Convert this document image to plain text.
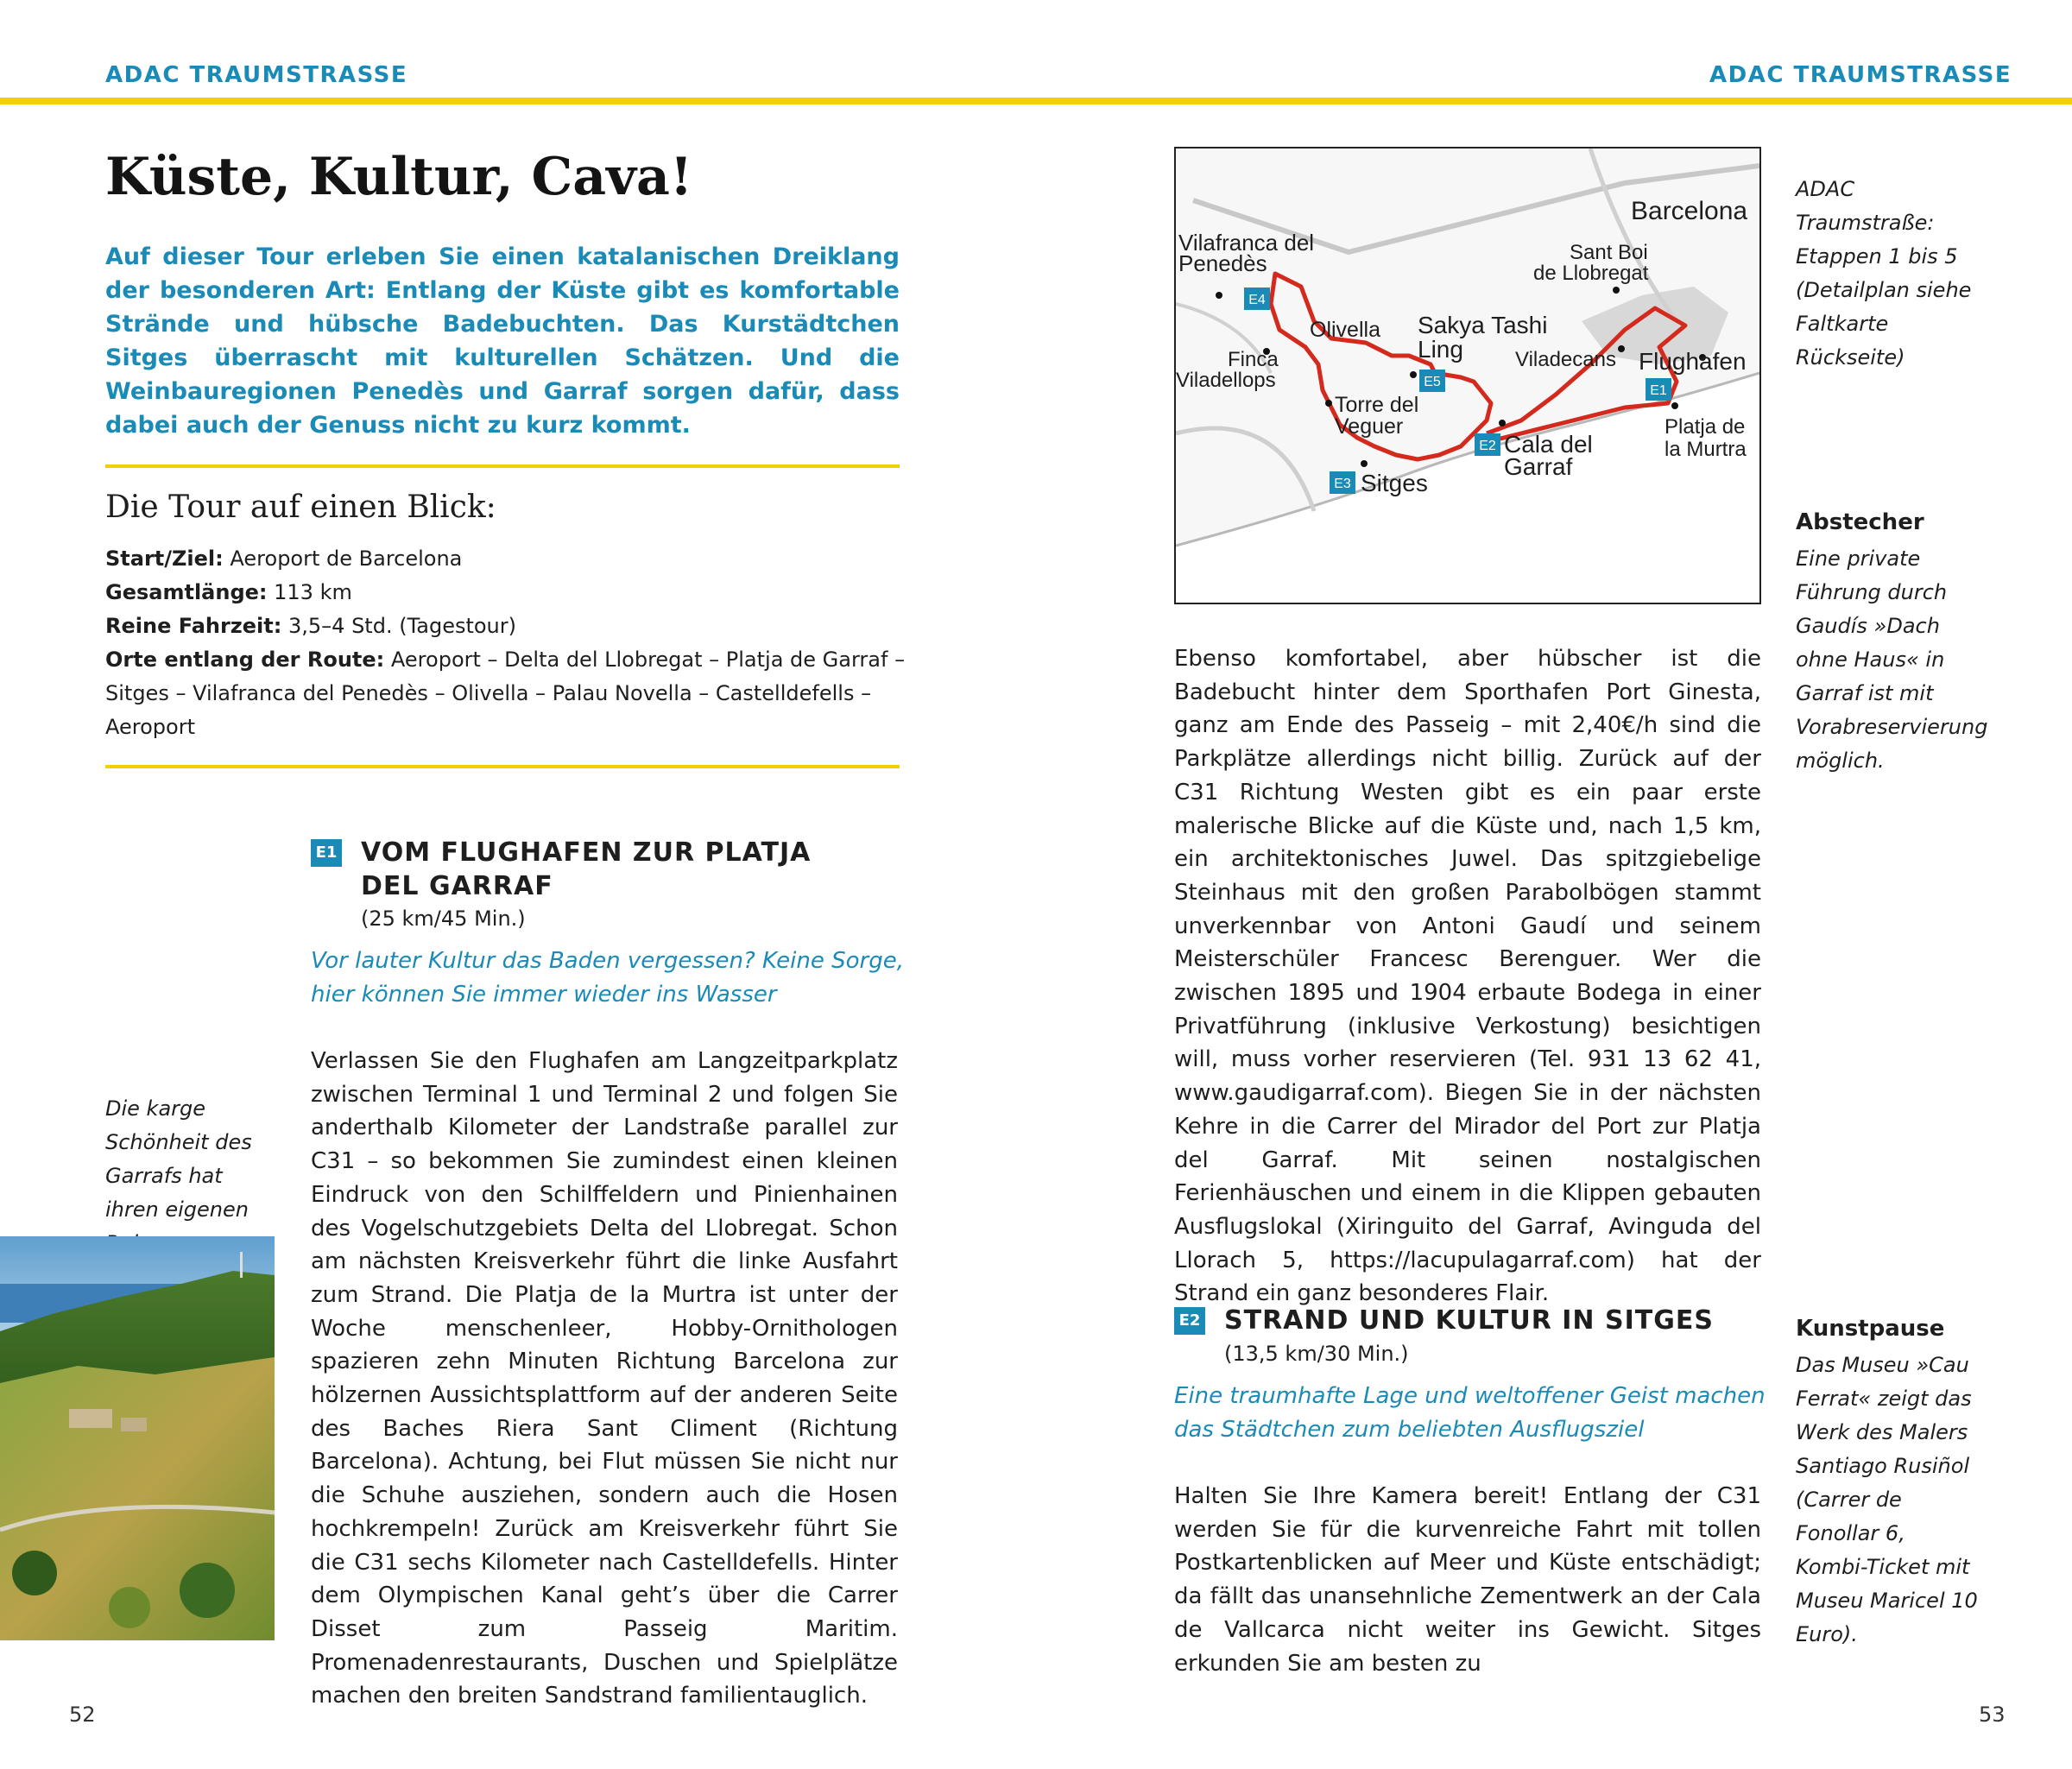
ADAC TRAUMSTRASSE	ADAC TRAUMSTRASSE
Küste, Kultur, Cava!

Auf dieser Tour erleben Sie einen katalanischen Dreiklang der besonderen Art: Entlang der Küste gibt es komfortable Strände und hübsche Badebuchten. Das Kurstädtchen Sitges überrascht mit kulturellen Schätzen. Und die Weinbauregionen Penedès und Garraf sorgen dafür, dass dabei auch der Genuss nicht zu kurz kommt.

Die Tour auf einen Blick:

Start/Ziel: Aeroport de Barcelona

Gesamtlänge: 113 km

Reine Fahrzeit: 3,5–4 Std. (Tagestour)

Orte entlang der Route: Aeroport – Delta del Llobregat – Platja de Garraf – Sitges – Vilafranca del Penedès – Olivella – Palau Novella – Castelldefells – Aeroport

E1 VOM FLUGHAFEN ZUR PLATJA DEL GARRAF
(25 km/45 Min.)

Vor lauter Kultur das Baden vergessen? Keine Sorge, hier können Sie immer wieder ins Wasser

Verlassen Sie den Flughafen am Langzeitparkplatz zwischen Terminal 1 und Terminal 2 und folgen Sie anderthalb Kilometer der Landstraße parallel zur C31 – so bekommen Sie zumindest einen kleinen Eindruck von den Schilffeldern und Pinienhainen des Vogelschutzgebiets Delta del Llobregat. Schon am nächsten Kreisverkehr führt die linke Ausfahrt zum Strand. Die Platja de la Murtra ist unter der Woche menschenleer, Hobby-Ornithologen spazieren zehn Minuten Richtung Barcelona zur hölzernen Aussichtsplattform auf der anderen Seite des Baches Riera Sant Climent (Richtung Barcelona). Achtung, bei Flut müssen Sie nicht nur die Schuhe ausziehen, sondern auch die Hosen hochkrempeln! Zurück am Kreisverkehr führt Sie die C31 sechs Kilometer nach Castelldefells. Hinter dem Olympischen Kanal geht’s über die Carrer Disset zum Passeig Maritim. Promenadenrestaurants, Duschen und Spielplätze machen den breiten Sandstrand familientauglich.

Die karge Schönheit des Garrafs hat ihren eigenen

52
Barcelona
Vilafranca del
Penedès	Sant Boi
de Llobregat
Olivella Sakya Tashi
Ling	Viladecans Flughafen
Finca
Viladellops
Torre del
Veguer
Cala del
Garraf
Platja de
la Murtra
Sitges
E4
E5
E1
E2
E3

ADAC Traumstraße: Etappen 1 bis 5 (Detailplan siehe Faltkarte Rückseite)

Ebenso komfortabel, aber hübscher ist die Badebucht hinter dem Sporthafen Port Ginesta, ganz am Ende des Passeig – mit 2,40€/h sind die Parkplätze allerdings nicht billig. Zurück auf der C31 Richtung Westen gibt es ein paar erste malerische Blicke auf die Küste und, nach 1,5 km, ein architektonisches Juwel. Das spitzgiebelige Steinhaus mit den großen Parabolbögen stammt unverkennbar von Antoni Gaudí und seinem Meisterschüler Francesc Berenguer. Wer die zwischen 1895 und 1904 erbaute Bodega in einer Privatführung (inklusive Verkostung) besichtigen will, muss vorher reservieren (Tel. 931 13 62 41, www.gaudigarraf.com). Biegen Sie in der nächsten Kehre in die Carrer del Mirador del Port zur Platja del Garraf. Mit seinen nostalgischen Ferienhäuschen und einem in die Klippen gebauten Ausflugslokal (Xiringuito del Garraf, Avinguda del Llorach 5, https://lacupulagarraf.com) hat der Strand ein ganz besonderes Flair.

Abstecher

Eine private Führung durch Gaudís »Dach ohne Haus« in Garraf ist mit Vorabreservierung möglich.

E2 STRAND UND KULTUR IN SITGES
(13,5 km/30 Min.)

Eine traumhafte Lage und weltoffener Geist machen das Städtchen zum beliebten Ausflugsziel

Halten Sie Ihre Kamera bereit! Entlang der C31 werden Sie für die kurvenreiche Fahrt mit tollen Postkartenblicken auf Meer und Küste entschädigt; da fällt das unansehnliche Zementwerk an der Cala de Vallcarca nicht weiter ins Gewicht. Sitges erkunden Sie am besten zu

Kunstpause

Das Museu »Cau Ferrat« zeigt das Werk des Malers Santiago Rusiñol (Carrer de Fonollar 6, Kombi-Ticket mit Museu Maricel 10 Euro).

53
